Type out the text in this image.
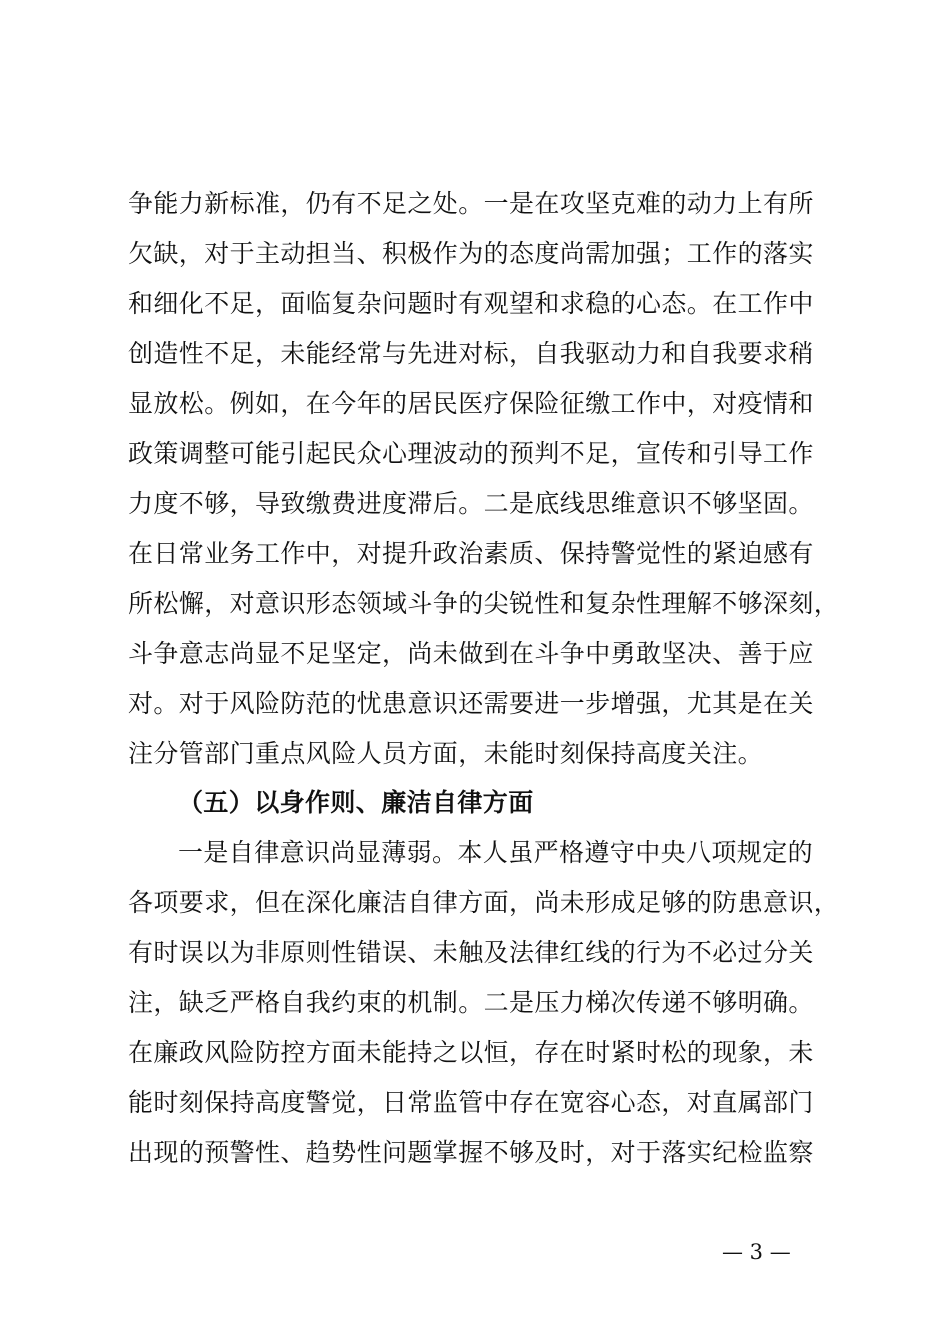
争能力新标准，仍有不足之处。一是在攻坚克难的动力上有所
欠缺，对于主动担当、积极作为的态度尚需加强；工作的落实
和细化不足，面临复杂问题时有观望和求稳的心态。在工作中
创造性不足，未能经常与先进对标，自我驱动力和自我要求稍
显放松。例如，在今年的居民医疗保险征缴工作中，对疫情和
政策调整可能引起民众心理波动的预判不足，宣传和引导工作
力度不够，导致缴费进度滞后。二是底线思维意识不够坚固。
在日常业务工作中，对提升政治素质、保持警觉性的紧迫感有
所松懈，对意识形态领域斗争的尖锐性和复杂性理解不够深刻，
斗争意志尚显不足坚定，尚未做到在斗争中勇敢坚决、善于应
对。对于风险防范的忧患意识还需要进一步增强，尤其是在关
注分管部门重点风险人员方面，未能时刻保持高度关注。
（五）以身作则、廉洁自律方面
一是自律意识尚显薄弱。本人虽严格遵守中央八项规定的
各项要求，但在深化廉洁自律方面，尚未形成足够的防患意识，
有时误以为非原则性错误、未触及法律红线的行为不必过分关
注，缺乏严格自我约束的机制。二是压力梯次传递不够明确。
在廉政风险防控方面未能持之以恒，存在时紧时松的现象，未
能时刻保持高度警觉，日常监管中存在宽容心态，对直属部门
出现的预警性、趋势性问题掌握不够及时，对于落实纪检监察
— 3 —
